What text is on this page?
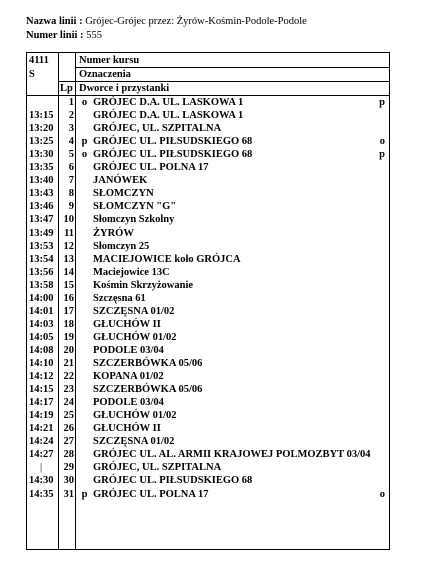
Nazwa linii : Grójec-Grójec przez: Żyrów-Kośmin-Podole-Podole
Numer linii : 555
4111	Numer kursu
S	Oznaczenia
Lp Dworce i przystanki
1 o GRÓJEC D.A. UL. LASKOWA 1	p
13:15	2 GRÓJEC D.A. UL. LASKOWA 1
13:20	3 GRÓJEC, UL. SZPITALNA
13:25	4 p GRÓJEC UL. PIŁSUDSKIEGO 68	o
13:30	5 o GRÓJEC UL. PIŁSUDSKIEGO 68	p
13:35	6 GRÓJEC UL. POLNA 17
13:40	7 JANÓWEK
13:43	8 SŁOMCZYN
13:46	9 SŁOMCZYN "G"
13:47 10 Słomczyn Szkolny
13:49	11 ŻYRÓW
13:53 12 Słomczyn 25
13:54 13 MACIEJOWICE koło GRÓJCA
13:56 14 Maciejowice 13C
13:58 15 Kośmin Skrzyżowanie
14:00 16 Szczęsna 61
14:01 17 SZCZĘSNA 01/02
14:03 18 GŁUCHÓW II
14:05 19 GŁUCHÓW 01/02
14:08 20 PODOLE 03/04
14:10 21 SZCZERBÓWKA 05/06
14:12 22 KOPANA 01/02
14:15 23 SZCZERBÓWKA 05/06
14:17 24 PODOLE 03/04
14:19 25 GŁUCHÓW 01/02
14:21 26 GŁUCHÓW II
14:24 27 SZCZĘSNA 01/02
14:27 28 GRÓJEC UL. AL. ARMII KRAJOWEJ POLMOZBYT 03/04
|	29 GRÓJEC, UL. SZPITALNA
14:30 30 GRÓJEC UL. PIŁSUDSKIEGO 68
14:35 31 p GRÓJEC UL. POLNA 17	o
